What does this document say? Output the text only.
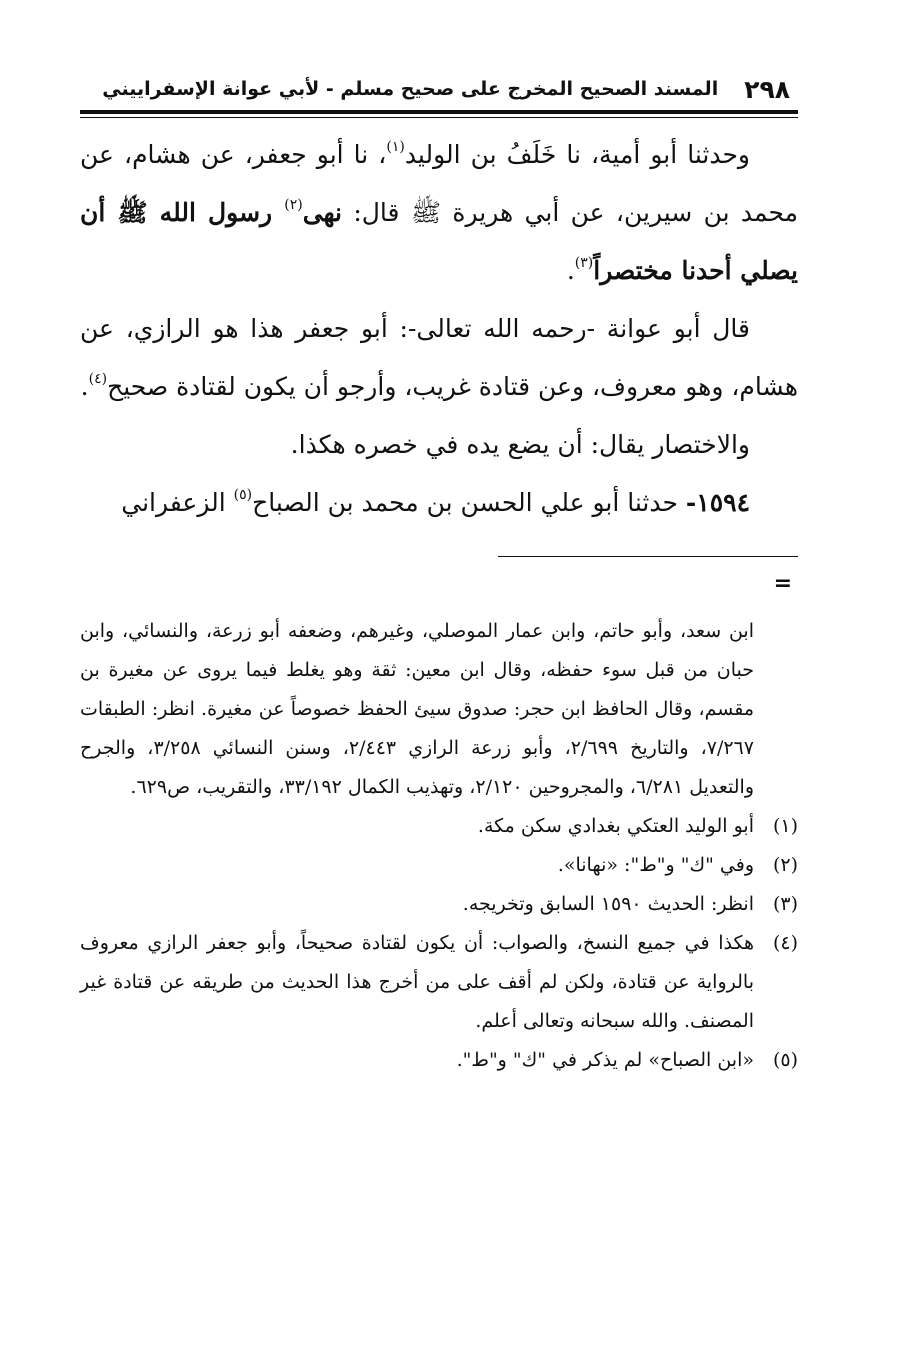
٢٩٨
المسند الصحيح المخرج على صحيح مسلم - لأبي عوانة الإسفراييني

وحدثنا أبو أمية، نا خَلَفُ بن الوليد$^{(١)}$، نا أبو جعفر، عن هشام، عن محمد بن سيرين، عن أبي هريرة ﷺ قال: نهى$^{(٢)}$ رسول الله ﷺ أن يصلي أحدنا مختصراً$^{(٣)}$.

قال أبو عوانة -رحمه الله تعالى-: أبو جعفر هذا هو الرازي، عن هشام، وهو معروف، وعن قتادة غريب، وأرجو أن يكون لقتادة صحيح$^{(٤)}$.

والاختصار يقال: أن يضع يده في خصره هكذا.

١٥٩٤- حدثنا أبو علي الحسن بن محمد بن الصباح$^{(٥)}$ الزعفراني

=

ابن سعد، وأبو حاتم، وابن عمار الموصلي، وغيرهم، وضعفه أبو زرعة، والنسائي، وابن حبان من قبل سوء حفظه، وقال ابن معين: ثقة وهو يغلط فيما يروى عن مغيرة بن مقسم، وقال الحافظ ابن حجر: صدوق سيئ الحفظ خصوصاً عن مغيرة. انظر: الطبقات ٧/٢٦٧، والتاريخ ٢/٦٩٩، وأبو زرعة الرازي ٢/٤٤٣، وسنن النسائي ٣/٢٥٨، والجرح والتعديل ٦/٢٨١، والمجروحين ٢/١٢٠، وتهذيب الكمال ٣٣/١٩٢، والتقريب، ص٦٢٩.

(١)
أبو الوليد العتكي بغدادي سكن مكة.
(٢)
وفي "ك" و"ط": «نهانا».
(٣)
انظر: الحديث ١٥٩٠ السابق وتخريجه.
(٤)
هكذا في جميع النسخ، والصواب: أن يكون لقتادة صحيحاً، وأبو جعفر الرازي معروف بالرواية عن قتادة، ولكن لم أقف على من أخرج هذا الحديث من طريقه عن قتادة غير المصنف. والله سبحانه وتعالى أعلم.
(٥)
«ابن الصباح» لم يذكر في "ك" و"ط".
